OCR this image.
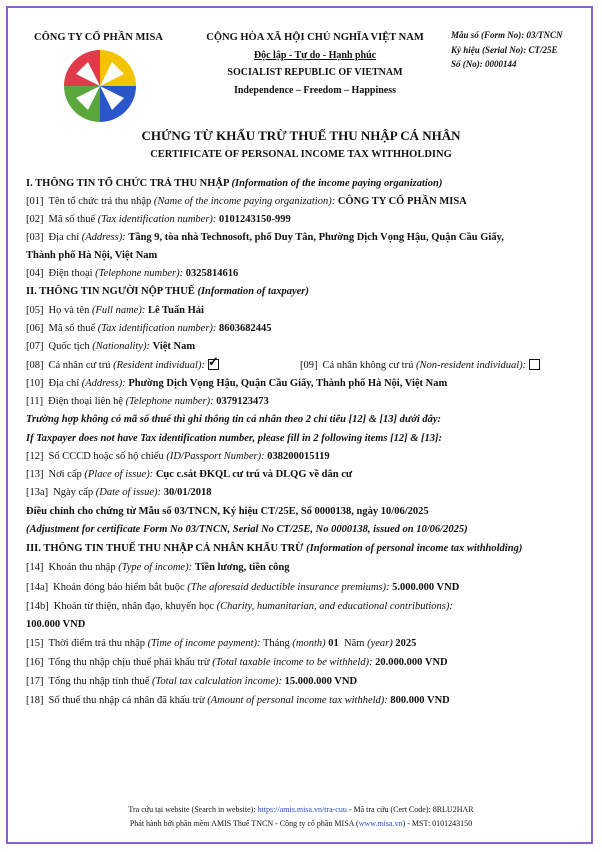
CÔNG TY CỔ PHẦN MISA	CỘNG HÒA XÃ HỘI CHỦ NGHĨA VIỆT NAM
Độc lập - Tự do - Hạnh phúc
SOCIALIST REPUBLIC OF VIETNAM
Independence – Freedom – Happiness
Mẫu số (Form No): 03/TNCN
Ký hiệu (Serial No): CT/25E
Số (No): 0000144
CHỨNG TỪ KHẤU TRỪ THUẾ THU NHẬP CÁ NHÂN
CERTIFICATE OF PERSONAL INCOME TAX WITHHOLDING
I. THÔNG TIN TỔ CHỨC TRẢ THU NHẬP (Information of the income paying organization)
[01] Tên tổ chức trả thu nhập (Name of the income paying organization): CÔNG TY CỔ PHẦN MISA
[02] Mã số thuế (Tax identification number): 0101243150-999
[03] Địa chỉ (Address): Tầng 9, tòa nhà Technosoft, phố Duy Tân, Phường Dịch Vọng Hậu, Quận Cầu Giấy,
Thành phố Hà Nội, Việt Nam
[04] Điện thoại (Telephone number): 0325814616
II. THÔNG TIN NGƯỜI NỘP THUẾ (Information of taxpayer)
[05] Họ và tên (Full name): Lê Tuấn Hải
[06] Mã số thuế (Tax identification number): 8603682445
[07] Quốc tịch (Nationality): Việt Nam
[08] Cá nhân cư trú (Resident individual): ✓	[09] Cá nhân không cư trú (Non-resident individual):
[10] Địa chỉ (Address): Phường Dịch Vọng Hậu, Quận Cầu Giấy, Thành phố Hà Nội, Việt Nam
[11] Điện thoại liên hệ (Telephone number): 0379123473
Trường hợp không có mã số thuế thì ghi thông tin cá nhân theo 2 chỉ tiêu [12] & [13] dưới đây:
If Taxpayer does not have Tax identification number, please fill in 2 following items [12] & [13]:
[12] Số CCCD hoặc số hộ chiếu (ID/Passport Number): 038200015119
[13] Nơi cấp (Place of issue): Cục c.sát ĐKQL cư trú và DLQG về dân cư
[13a] Ngày cấp (Date of issue): 30/01/2018
Điều chỉnh cho chứng từ Mẫu số 03/TNCN, Ký hiệu CT/25E, Số 0000138, ngày 10/06/2025
(Adjustment for certificate Form No 03/TNCN, Serial No CT/25E, No 0000138, issued on 10/06/2025)
III. THÔNG TIN THUẾ THU NHẬP CÁ NHÂN KHẤU TRỪ (Information of personal income tax withholding)
[14] Khoản thu nhập (Type of income): Tiền lương, tiền công
[14a] Khoản đóng bảo hiểm bắt buộc (The aforesaid deductible insurance premiums): 5.000.000 VND
[14b] Khoản từ thiện, nhân đạo, khuyến học (Charity, humanitarian, and educational contributions):
100.000 VND
[15] Thời điểm trả thu nhập (Time of income payment): Tháng (month) 01 Năm (year) 2025
[16] Tổng thu nhập chịu thuế phải khấu trừ (Total taxable income to be withheld): 20.000.000 VND
[17] Tổng thu nhập tính thuế (Total tax calculation income): 15.000.000 VND
[18] Số thuế thu nhập cá nhân đã khấu trừ (Amount of personal income tax withheld): 800.000 VND
Tra cứu tại website (Search in website): https://amis.misa.vn/tra-cuu - Mã tra cứu (Cert Code): 8RLU2HAR
Phát hành bởi phần mềm AMIS Thuế TNCN - Công ty cổ phần MISA (www.misa.vn) - MST: 0101243150
